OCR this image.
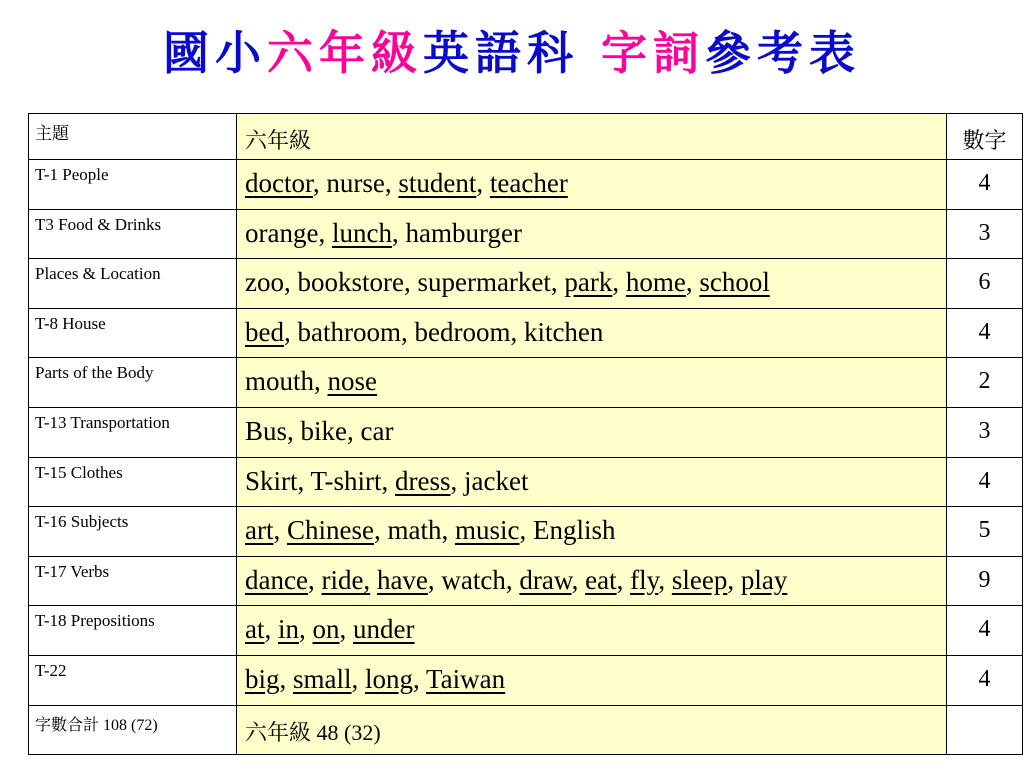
國小六年級英語科 字詞參考表
主題	六年級	數字
T-1 People	doctor, nurse, student, teacher	4
T3 Food & Drinks	orange, lunch, hamburger	3
Places & Location	zoo, bookstore, supermarket, park, home, school	6
T-8 House	bed, bathroom, bedroom, kitchen	4
Parts of the Body	mouth, nose	2
T-13 Transportation	Bus, bike, car	3
T-15 Clothes	Skirt, T-shirt, dress, jacket	4
T-16 Subjects	art, Chinese, math, music, English	5
T-17 Verbs	dance, ride, have, watch, draw, eat, fly, sleep, play	9
T-18 Prepositions	at, in, on, under	4
T-22	big, small, long, Taiwan	4
字數合計 108 (72)	六年級 48 (32)	
